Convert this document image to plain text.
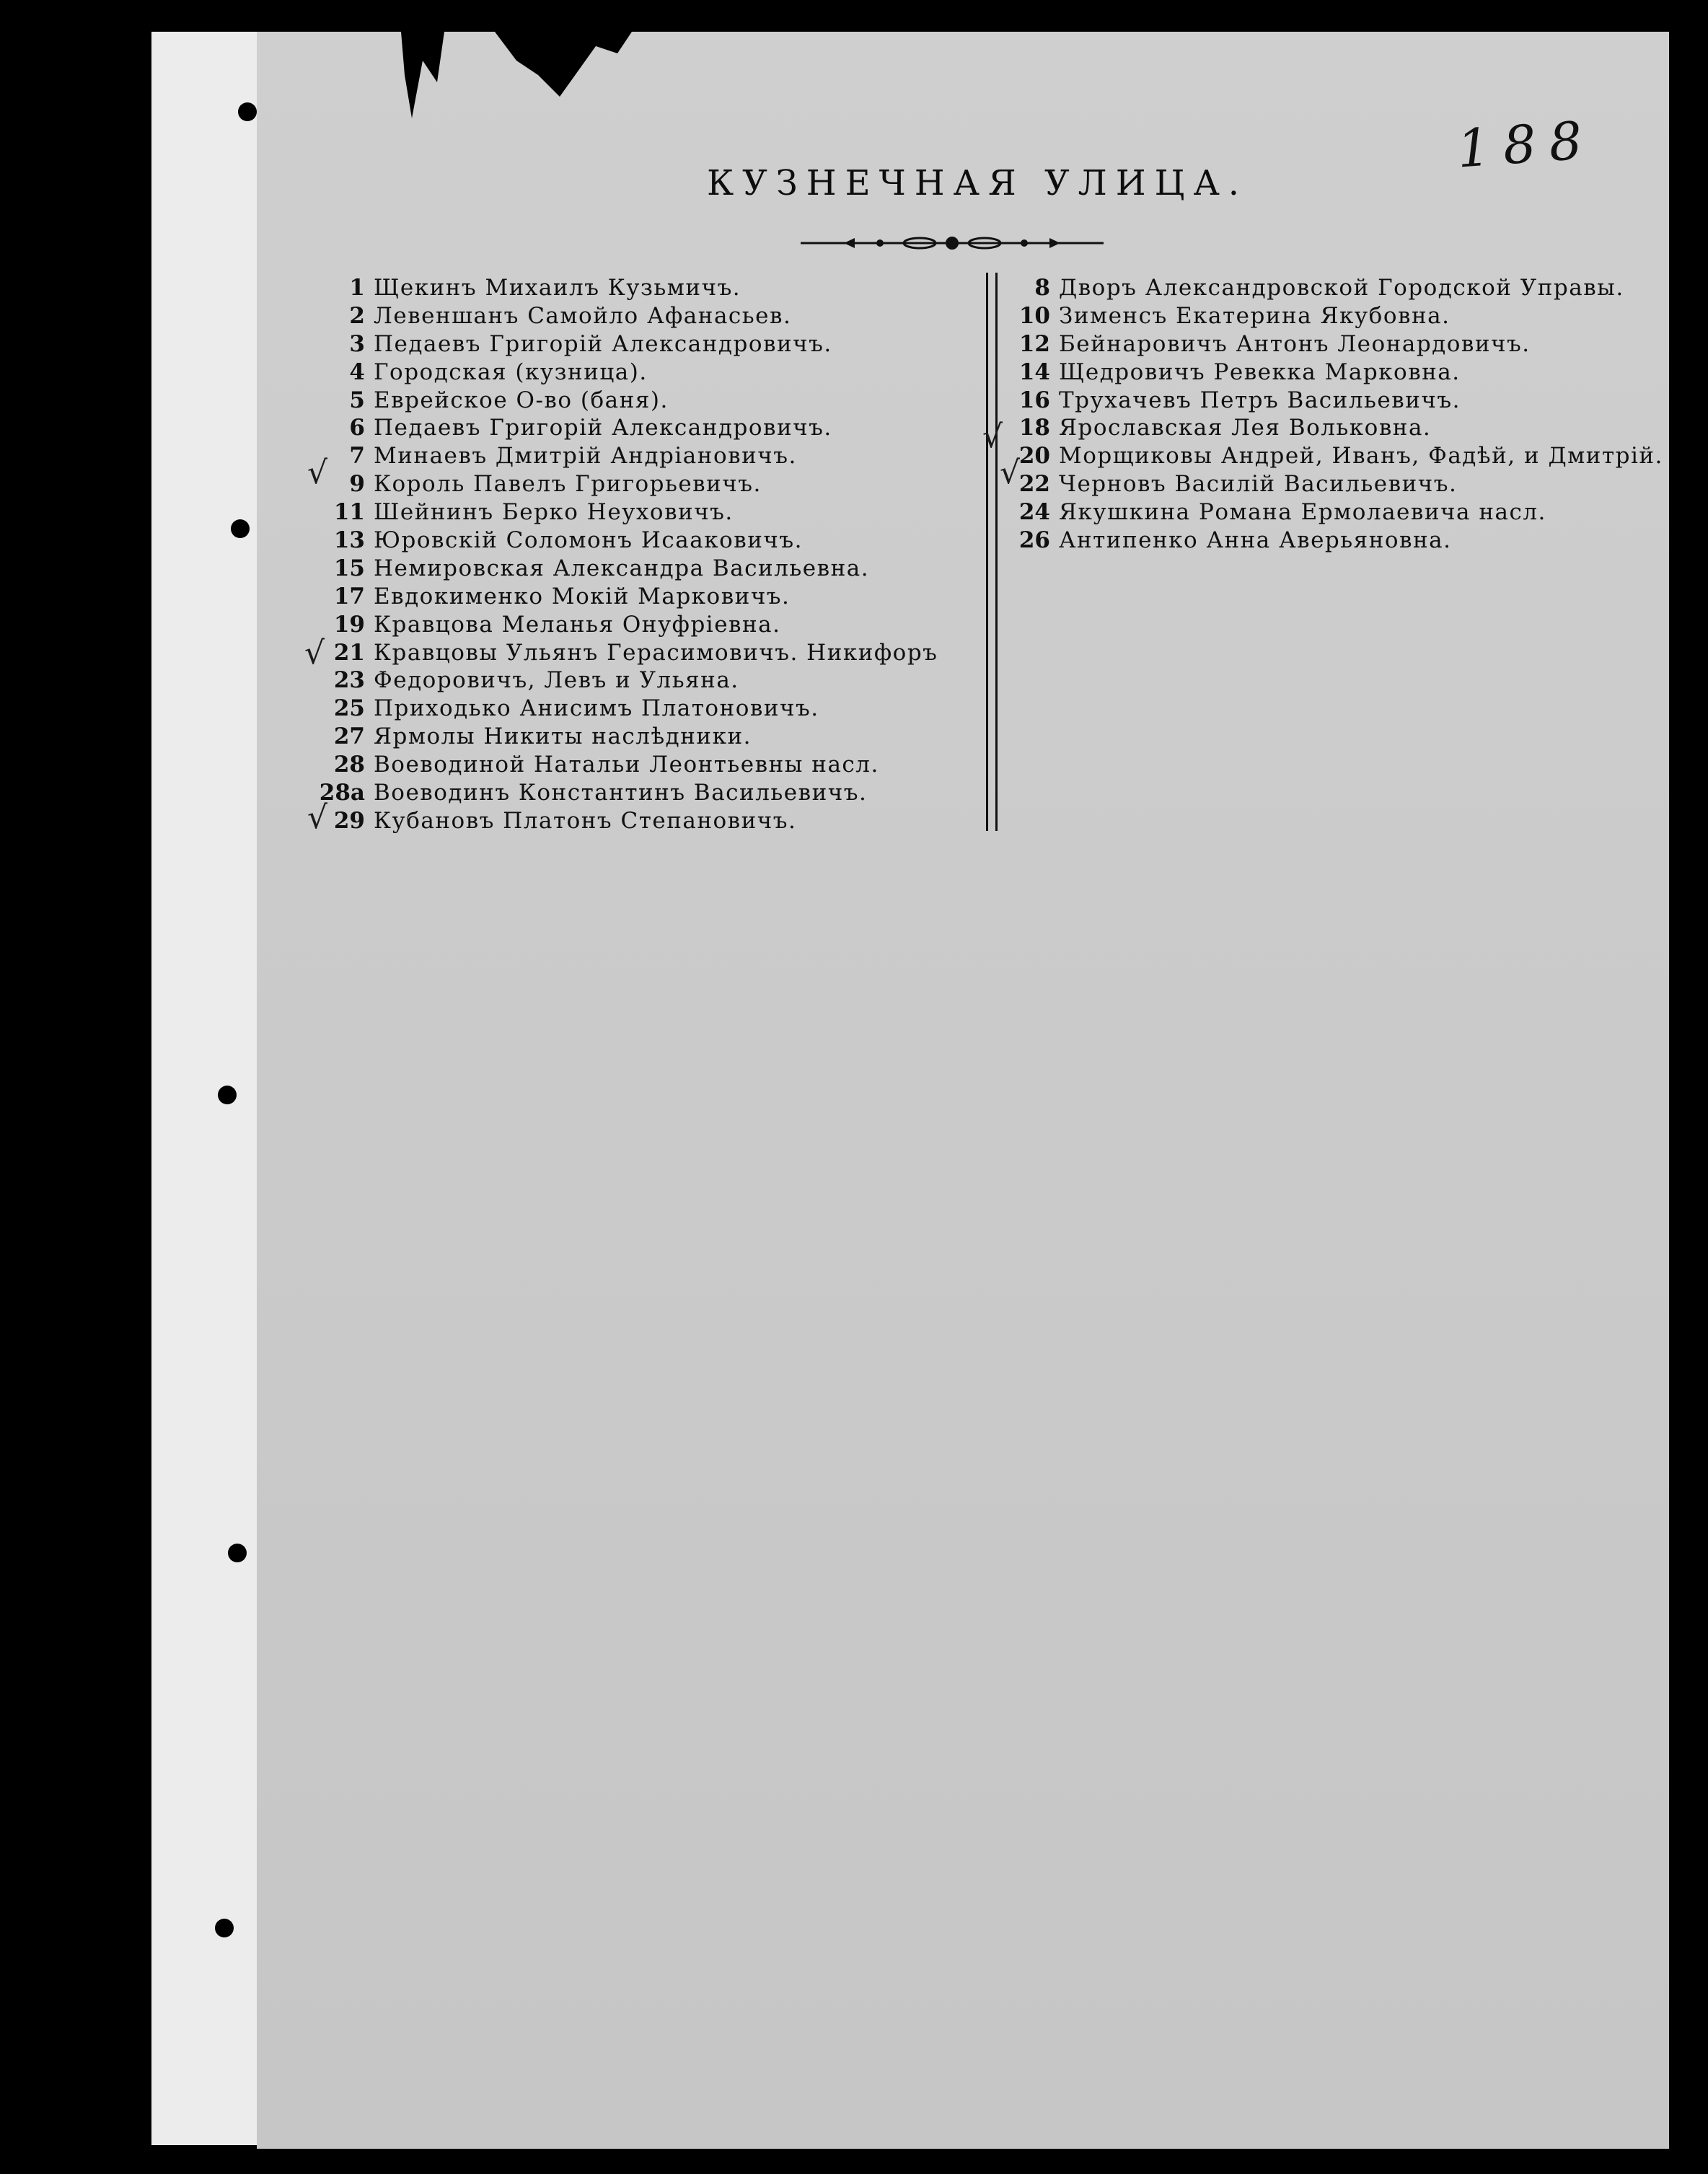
188
КУЗНЕЧНАЯ УЛИЦА.
1 Щекинъ Михаилъ Кузьмичъ.
2 Левеншанъ Самойло Афанасьев.
3 Педаевъ Григорій Александровичъ.
4 Городская (кузница).
5 Еврейское О-во (баня).
6 Педаевъ Григорій Александровичъ.
7 Минаевъ Дмитрій Андріановичъ.
9 Король Павелъ Григорьевичъ.
11 Шейнинъ Берко Неуховичъ.
13 Юровскій Соломонъ Исааковичъ.
15 Немировская Александра Васильевна.
17 Евдокименко Мокій Марковичъ.
19 Кравцова Меланья Онуфріевна.
21 Кравцовы Ульянъ Герасимовичъ. Никифоръ
23 Федоровичъ, Левъ и Ульяна.
25 Приходько Анисимъ Платоновичъ.
27 Ярмолы Никиты наслѣдники.
28 Воеводиной Натальи Леонтьевны насл.
28а Воеводинъ Константинъ Васильевичъ.
29 Кубановъ Платонъ Степановичъ.
8 Дворъ Александровской Городской Управы.
10 Зименсъ Екатерина Якубовна.
12 Бейнаровичъ Антонъ Леонардовичъ.
14 Щедровичъ Ревекка Марковна.
16 Трухачевъ Петръ Васильевичъ.
18 Ярославская Лея Вольковна.
20 Морщиковы Андрей, Иванъ, Фадѣй, и Дмитрій.
22 Черновъ Василій Васильевичъ.
24 Якушкина Романа Ермолаевича насл.
26 Антипенко Анна Аверьяновна.
√
√
√
√
√
